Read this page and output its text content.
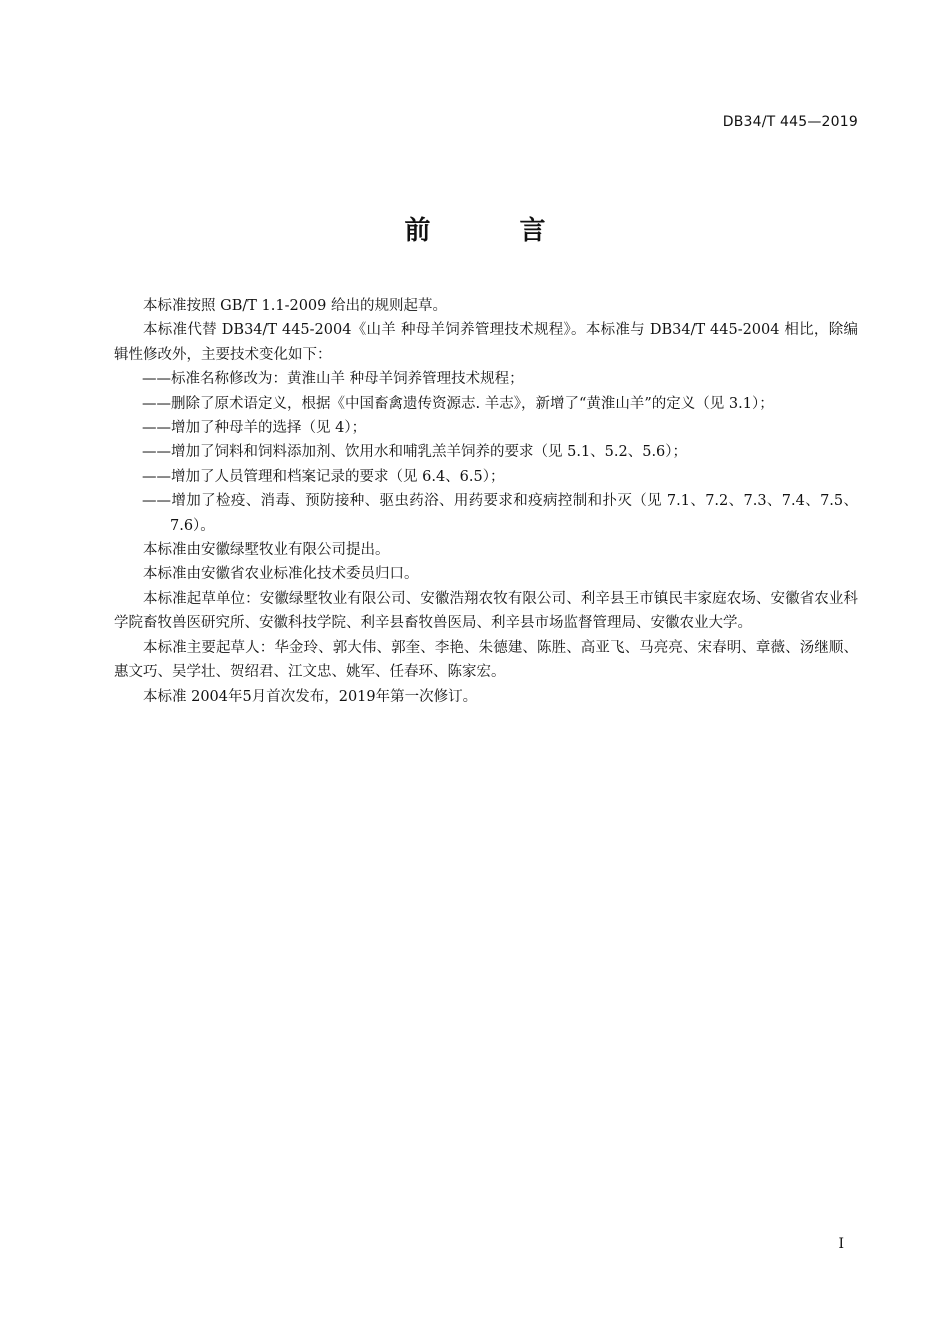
DB34/T 445—2019
前 言

本标准按照 GB/T 1.1-2009 给出的规则起草。

本标准代替 DB34/T 445-2004《山羊 种母羊饲养管理技术规程》。本标准与 DB34/T 445-2004 相比，除编辑性修改外，主要技术变化如下：

——标准名称修改为：黄淮山羊 种母羊饲养管理技术规程；

——删除了原术语定义，根据《中国畜禽遗传资源志. 羊志》，新增了“黄淮山羊”的定义（见 3.1）；

——增加了种母羊的选择（见 4）；

——增加了饲料和饲料添加剂、饮用水和哺乳羔羊饲养的要求（见 5.1、5.2、5.6）；

——增加了人员管理和档案记录的要求（见 6.4、6.5）；

——增加了检疫、消毒、预防接种、驱虫药浴、用药要求和疫病控制和扑灭（见 7.1、7.2、7.3、7.4、7.5、7.6）。

本标准由安徽绿墅牧业有限公司提出。

本标准由安徽省农业标准化技术委员归口。

本标准起草单位：安徽绿墅牧业有限公司、安徽浩翔农牧有限公司、利辛县王市镇民丰家庭农场、安徽省农业科学院畜牧兽医研究所、安徽科技学院、利辛县畜牧兽医局、利辛县市场监督管理局、安徽农业大学。

本标准主要起草人：华金玲、郭大伟、郭奎、李艳、朱德建、陈胜、高亚飞、马亮亮、宋春明、章薇、汤继顺、惠文巧、吴学壮、贺绍君、江文忠、姚军、任春环、陈家宏。

本标准 2004年5月首次发布，2019年第一次修订。

I
